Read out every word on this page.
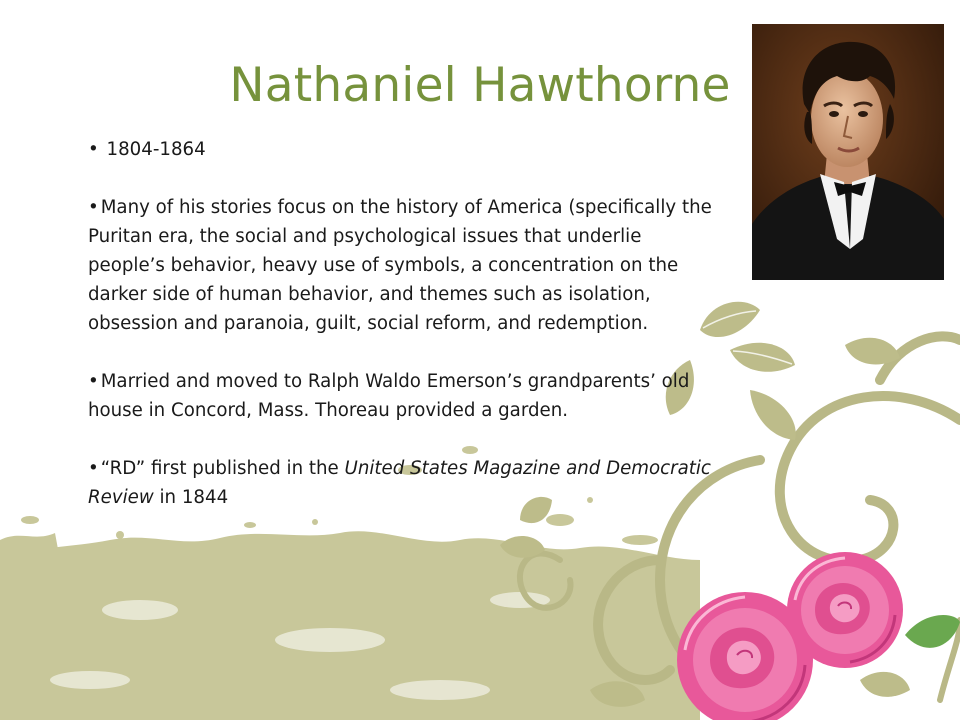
Nathaniel Hawthorne

• 1804-1864

• Many of his stories focus on the history of America (specifically the Puritan era, the social and psychological issues that underlie people’s behavior, heavy use of symbols, a concentration on the darker side of human behavior, and themes such as isolation, obsession and paranoia, guilt, social reform, and redemption.

• Married and moved to Ralph Waldo Emerson’s grandparents’ old house in Concord, Mass. Thoreau provided a garden.

• “RD” first published in the United States Magazine and Democratic Review in 1844
